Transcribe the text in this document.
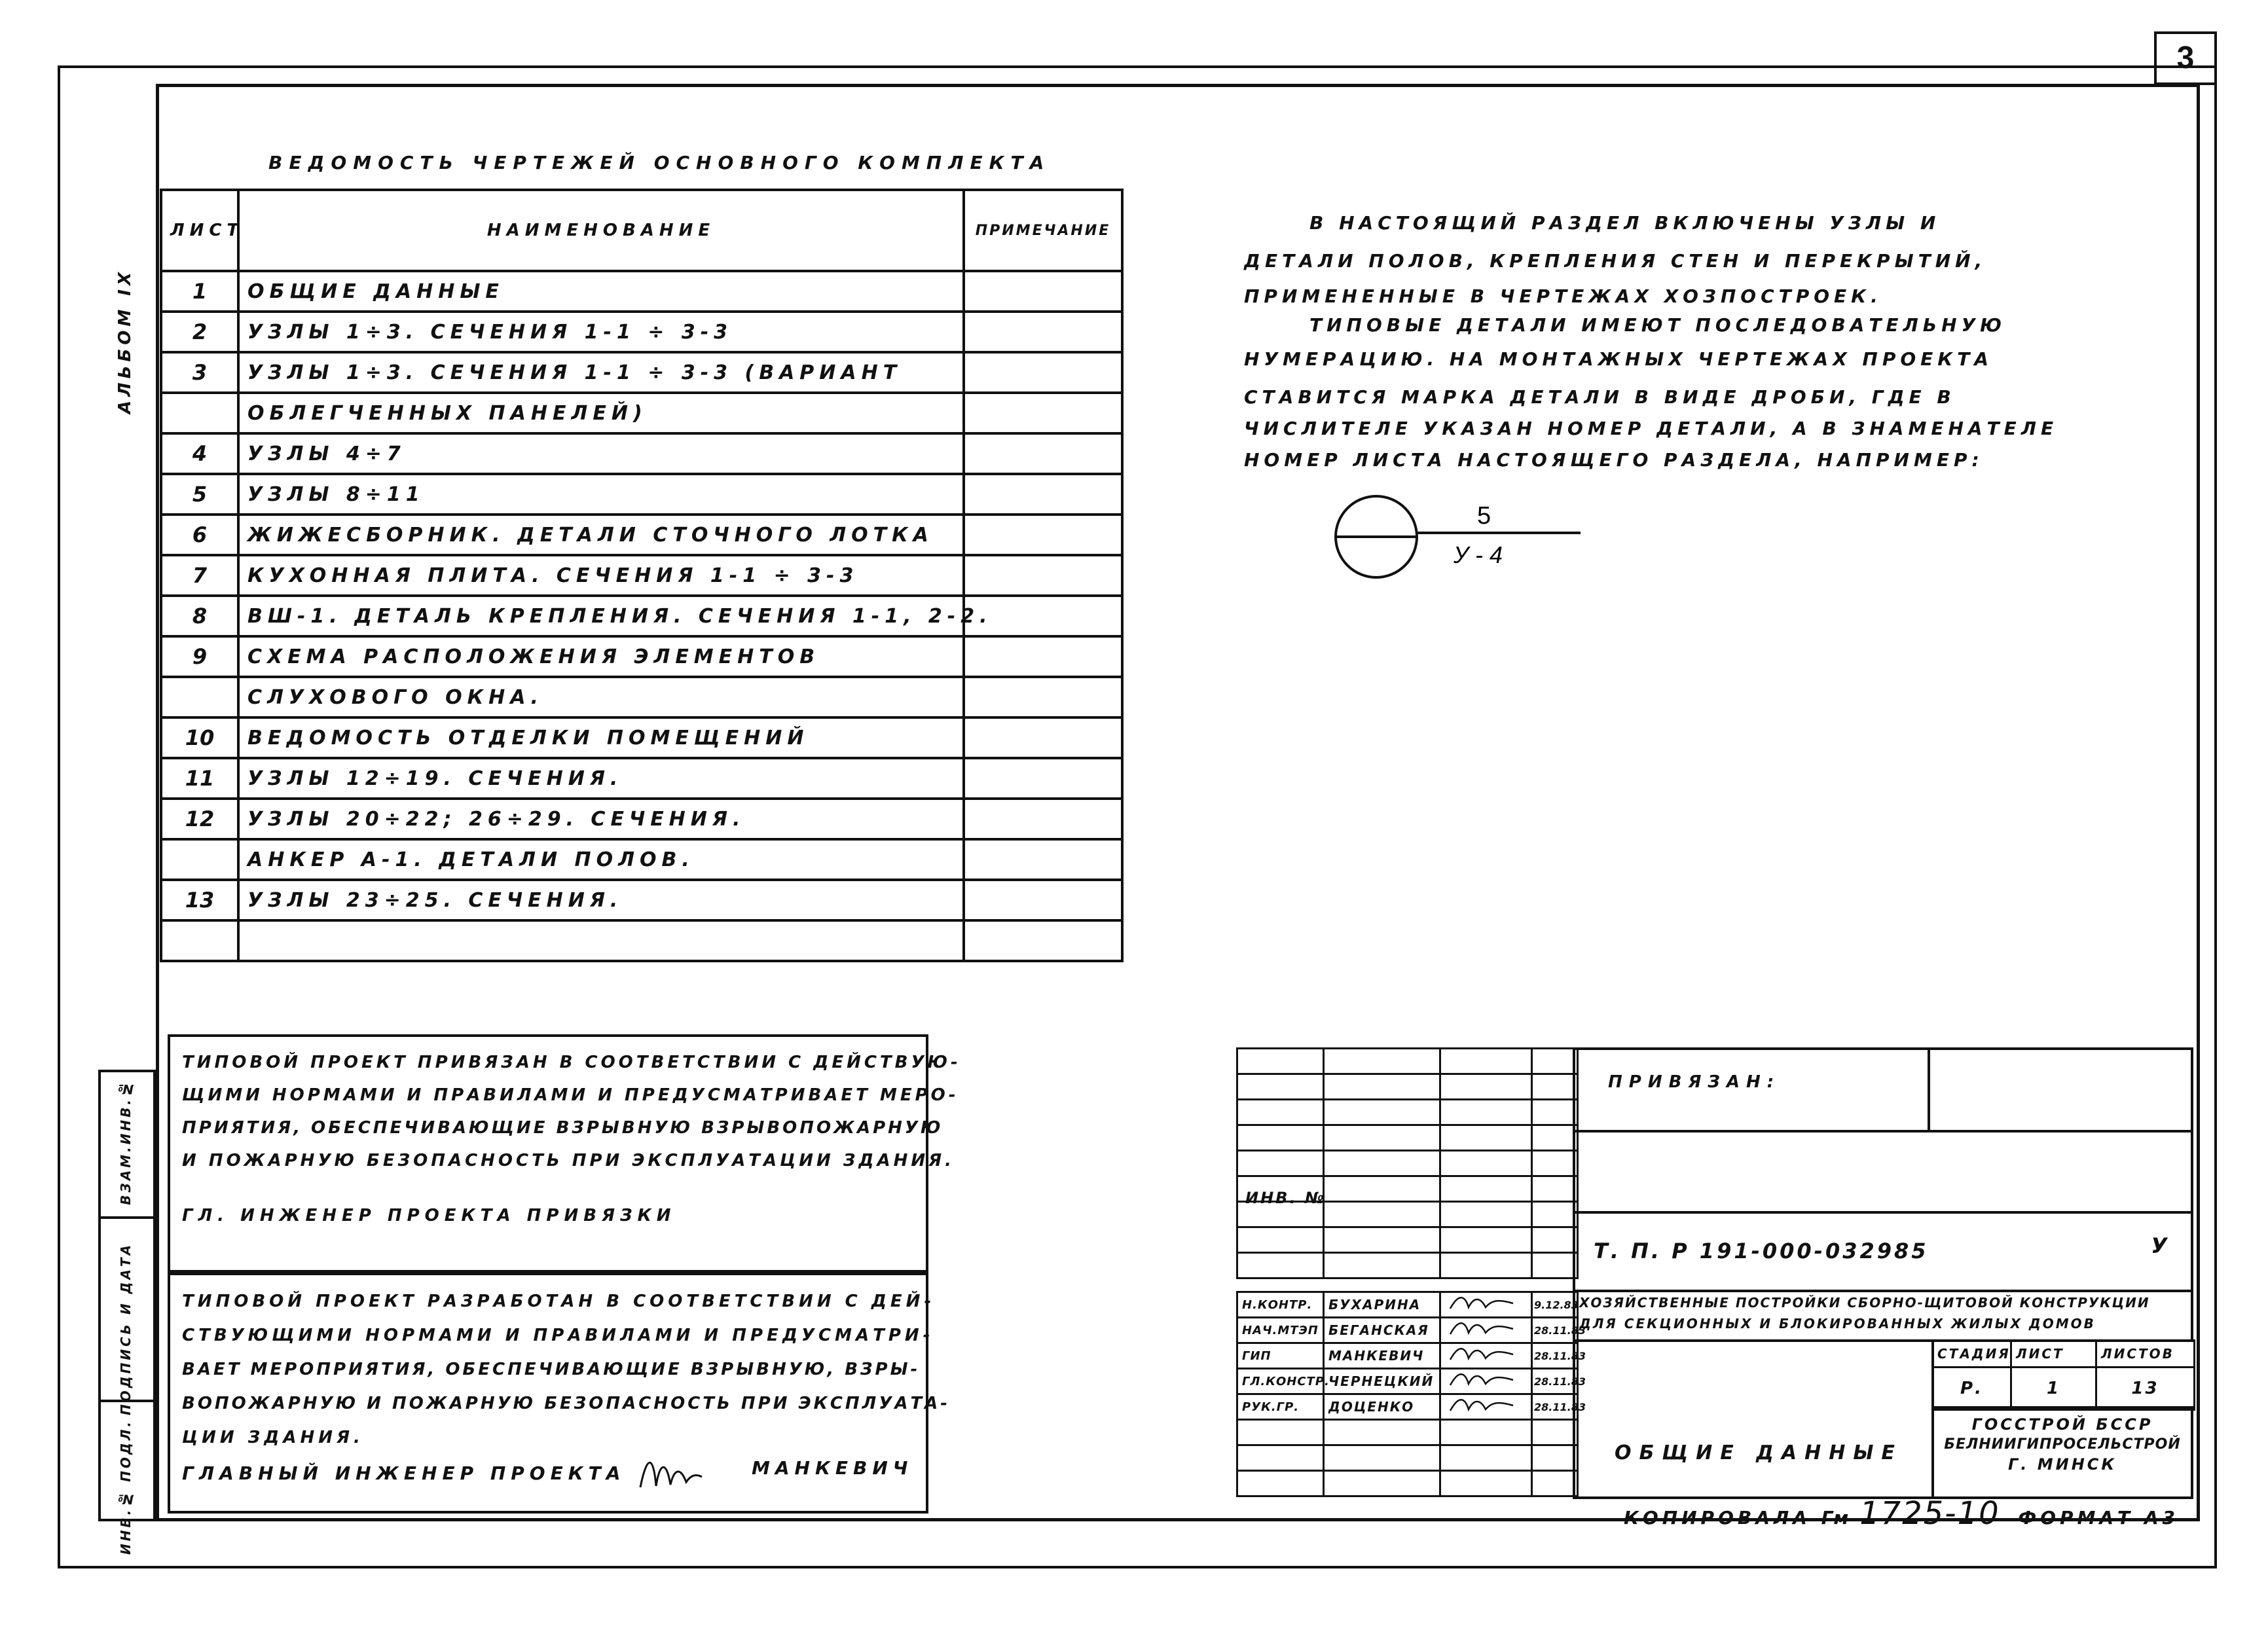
3
АЛЬБОМ IX
ВЕДОМОСТЬ ЧЕРТЕЖЕЙ ОСНОВНОГО КОМПЛЕКТА
ЛИСТ	НАИМЕНОВАНИЕ	ПРИМЕЧАНИЕ
1	ОБЩИЕ ДАННЫЕ	
2	УЗЛЫ 1÷3. СЕЧЕНИЯ 1-1 ÷ 3-3	
3	УЗЛЫ 1÷3. СЕЧЕНИЯ 1-1 ÷ 3-3 (ВАРИАНТ	
	ОБЛЕГЧЕННЫХ ПАНЕЛЕЙ)	
4	УЗЛЫ 4÷7	
5	УЗЛЫ 8÷11	
6	ЖИЖЕСБОРНИК. ДЕТАЛИ СТОЧНОГО ЛОТКА	
7	КУХОННАЯ ПЛИТА. СЕЧЕНИЯ 1-1 ÷ 3-3	
8	ВШ-1. ДЕТАЛЬ КРЕПЛЕНИЯ. СЕЧЕНИЯ 1-1, 2-2.	
9	СХЕМА РАСПОЛОЖЕНИЯ ЭЛЕМЕНТОВ	
	СЛУХОВОГО ОКНА.	
10	ВЕДОМОСТЬ ОТДЕЛКИ ПОМЕЩЕНИЙ	
11	УЗЛЫ 12÷19. СЕЧЕНИЯ.	
12	УЗЛЫ 20÷22; 26÷29. СЕЧЕНИЯ.	
	АНКЕР А-1. ДЕТАЛИ ПОЛОВ.	
13	УЗЛЫ 23÷25. СЕЧЕНИЯ.	

В НАСТОЯЩИЙ РАЗДЕЛ ВКЛЮЧЕНЫ УЗЛЫ И
ДЕТАЛИ ПОЛОВ, КРЕПЛЕНИЯ СТЕН И ПЕРЕКРЫТИЙ,
ПРИМЕНЕННЫЕ В ЧЕРТЕЖАХ ХОЗПОСТРОЕК.
ТИПОВЫЕ ДЕТАЛИ ИМЕЮТ ПОСЛЕДОВАТЕЛЬНУЮ
НУМЕРАЦИЮ. НА МОНТАЖНЫХ ЧЕРТЕЖАХ ПРОЕКТА
СТАВИТСЯ МАРКА ДЕТАЛИ В ВИДЕ ДРОБИ, ГДЕ В
ЧИСЛИТЕЛЕ УКАЗАН НОМЕР ДЕТАЛИ, А В ЗНАМЕНАТЕЛЕ
НОМЕР ЛИСТА НАСТОЯЩЕГО РАЗДЕЛА, НАПРИМЕР:
5
У - 4
ВЗАМ.ИНВ.№
ПОДПИСЬ И ДАТА
ИНВ.№ ПОДЛ.
ТИПОВОЙ ПРОЕКТ ПРИВЯЗАН В СООТВЕТСТВИИ С ДЕЙСТВУЮ-
ЩИМИ НОРМАМИ И ПРАВИЛАМИ И ПРЕДУСМАТРИВАЕТ МЕРО-
ПРИЯТИЯ, ОБЕСПЕЧИВАЮЩИЕ ВЗРЫВНУЮ ВЗРЫВОПОЖАРНУЮ
И ПОЖАРНУЮ БЕЗОПАСНОСТЬ ПРИ ЭКСПЛУАТАЦИИ ЗДАНИЯ.
ГЛ. ИНЖЕНЕР ПРОЕКТА ПРИВЯЗКИ
ТИПОВОЙ ПРОЕКТ РАЗРАБОТАН В СООТВЕТСТВИИ С ДЕЙ-
СТВУЮЩИМИ НОРМАМИ И ПРАВИЛАМИ И ПРЕДУСМАТРИ-
ВАЕТ МЕРОПРИЯТИЯ, ОБЕСПЕЧИВАЮЩИЕ ВЗРЫВНУЮ, ВЗРЫ-
ВОПОЖАРНУЮ И ПОЖАРНУЮ БЕЗОПАСНОСТЬ ПРИ ЭКСПЛУАТА-
ЦИИ ЗДАНИЯ.
ГЛАВНЫЙ ИНЖЕНЕР ПРОЕКТА	МАНКЕВИЧ

ИНВ. №
Н.КОНТР.	БУХАРИНА		9.12.83
НАЧ.МТЭП	БЕГАНСКАЯ		28.11.83
ГИП	МАНКЕВИЧ		28.11.83
ГЛ.КОНСТР.	ЧЕРНЕЦКИЙ		28.11.83
РУК.ГР.	ДОЦЕНКО		28.11.83

ПРИВЯЗАН:
Т. П. Р 191-000-032985	У
ХОЗЯЙСТВЕННЫЕ ПОСТРОЙКИ СБОРНО-ЩИТОВОЙ КОНСТРУКЦИИ
ДЛЯ СЕКЦИОННЫХ И БЛОКИРОВАННЫХ ЖИЛЫХ ДОМОВ
ОБЩИЕ ДАННЫЕ
СТАДИЯ	ЛИСТ	ЛИСТОВ
Р.	1	13
ГОССТРОЙ БССР
БЕЛНИИГИПРОСЕЛЬСТРОЙ
Г. МИНСК
КОПИРОВАЛА Гм 1725-10 ФОРМАТ А3
